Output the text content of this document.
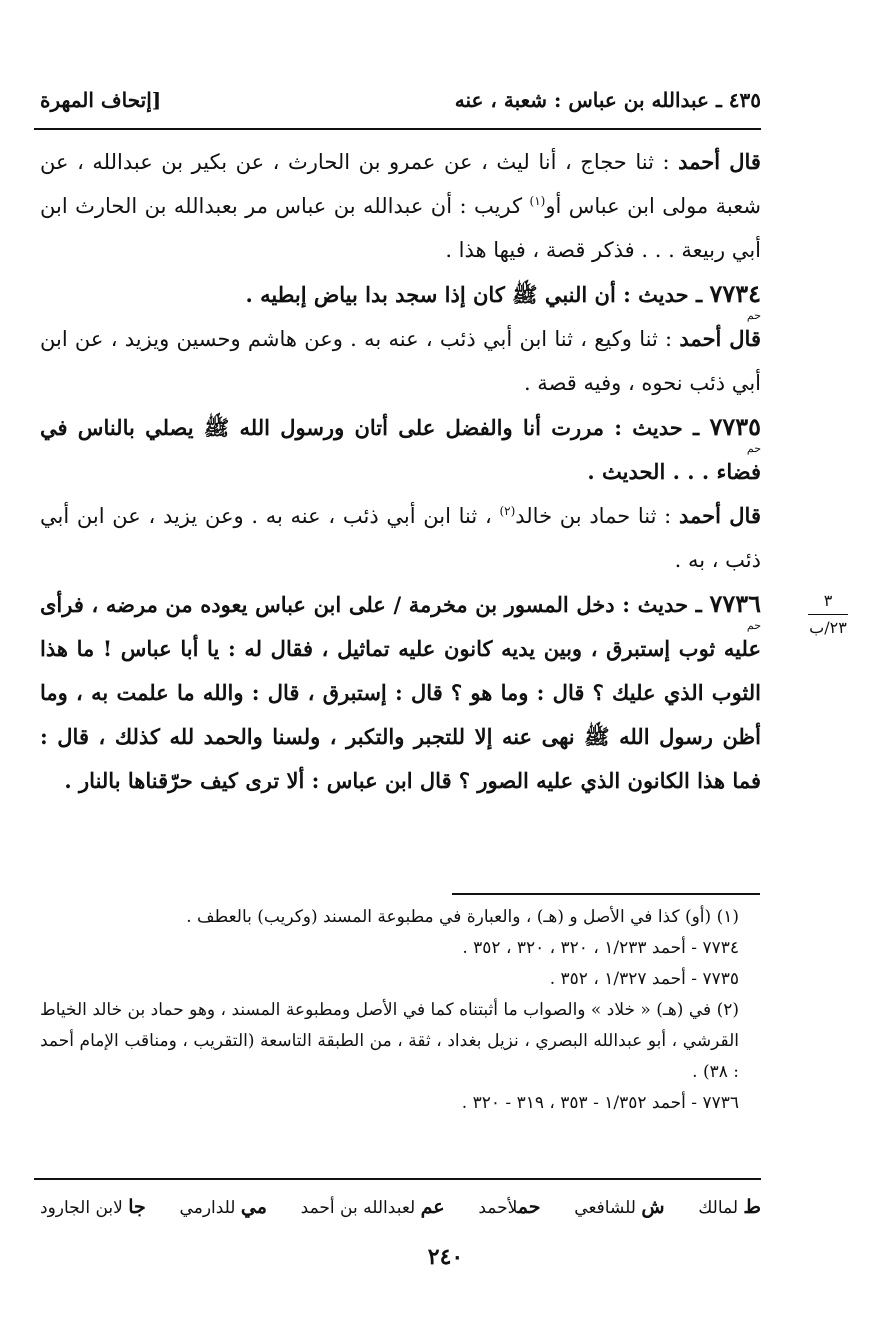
٤٣٥ ـ عبدالله بن عباس : شعبة ، عنه
[إتحاف المهرة

قال أحمد : ثنا حجاج ، أنا ليث ، عن عمرو بن الحارث ، عن بكير بن عبدالله ، عن شعبة مولى ابن عباس أو$^{(١)}$ كريب : أن عبدالله بن عباس مر بعبدالله بن الحارث ابن أبي ربيعة . . . فذكر قصة ، فيها هذا .

٧٧٣٤ ـ حديث : أن النبي ﷺ كان إذا سجد بدا بياض إبطيه .
حم

قال أحمد : ثنا وكيع ، ثنا ابن أبي ذئب ، عنه به . وعن هاشم وحسين ويزيد ، عن ابن أبي ذئب نحوه ، وفيه قصة .

٧٧٣٥ ـ حديث : مررت أنا والفضل على أتان ورسول الله ﷺ يصلي بالناس في فضاء . . . الحديث .
حم

قال أحمد : ثنا حماد بن خالد$^{(٢)}$ ، ثنا ابن أبي ذئب ، عنه به . وعن يزيد ، عن ابن أبي ذئب ، به .

٧٧٣٦ ـ حديث : دخل المسور بن مخرمة / على ابن عباس يعوده من مرضه ، فرأى عليه ثوب إستبرق ، وبين يديه كانون عليه تماثيل ، فقال له : يا أبا عباس ! ما هذا الثوب الذي عليك ؟ قال : وما هو ؟ قال : إستبرق ، قال : والله ما علمت به ، وما أظن رسول الله ﷺ نهى عنه إلا للتجبر والتكبر ، ولسنا والحمد لله كذلك ، قال : فما هذا الكانون الذي عليه الصور ؟ قال ابن عباس : ألا ترى كيف حرّقناها بالنار .
حم

٣
٢٣/ب

(١) (أو) كذا في الأصل و (هـ) ، والعبارة في مطبوعة المسند (وكريب) بالعطف .

٧٧٣٤ - أحمد ١/٢٣٣ ، ٣٢٠ ، ٣٢٠ ، ٣٥٢ .

٧٧٣٥ - أحمد ١/٣٢٧ ، ٣٥٢ .

(٢) في (هـ) « خلاد » والصواب ما أثبتناه كما في الأصل ومطبوعة المسند ، وهو حماد بن خالد الخياط القرشي ، أبو عبدالله البصري ، نزيل بغداد ، ثقة ، من الطبقة التاسعة (التقريب ، ومناقب الإمام أحمد : ٣٨) .

٧٧٣٦ - أحمد ١/٣٥٢ - ٣٥٣ ، ٣١٩ - ٣٢٠ .

ط لمالك
ش للشافعي
حملأحمد
عم لعبدالله بن أحمد
مي للدارمي
جا لابن الجارود
٢٤٠
